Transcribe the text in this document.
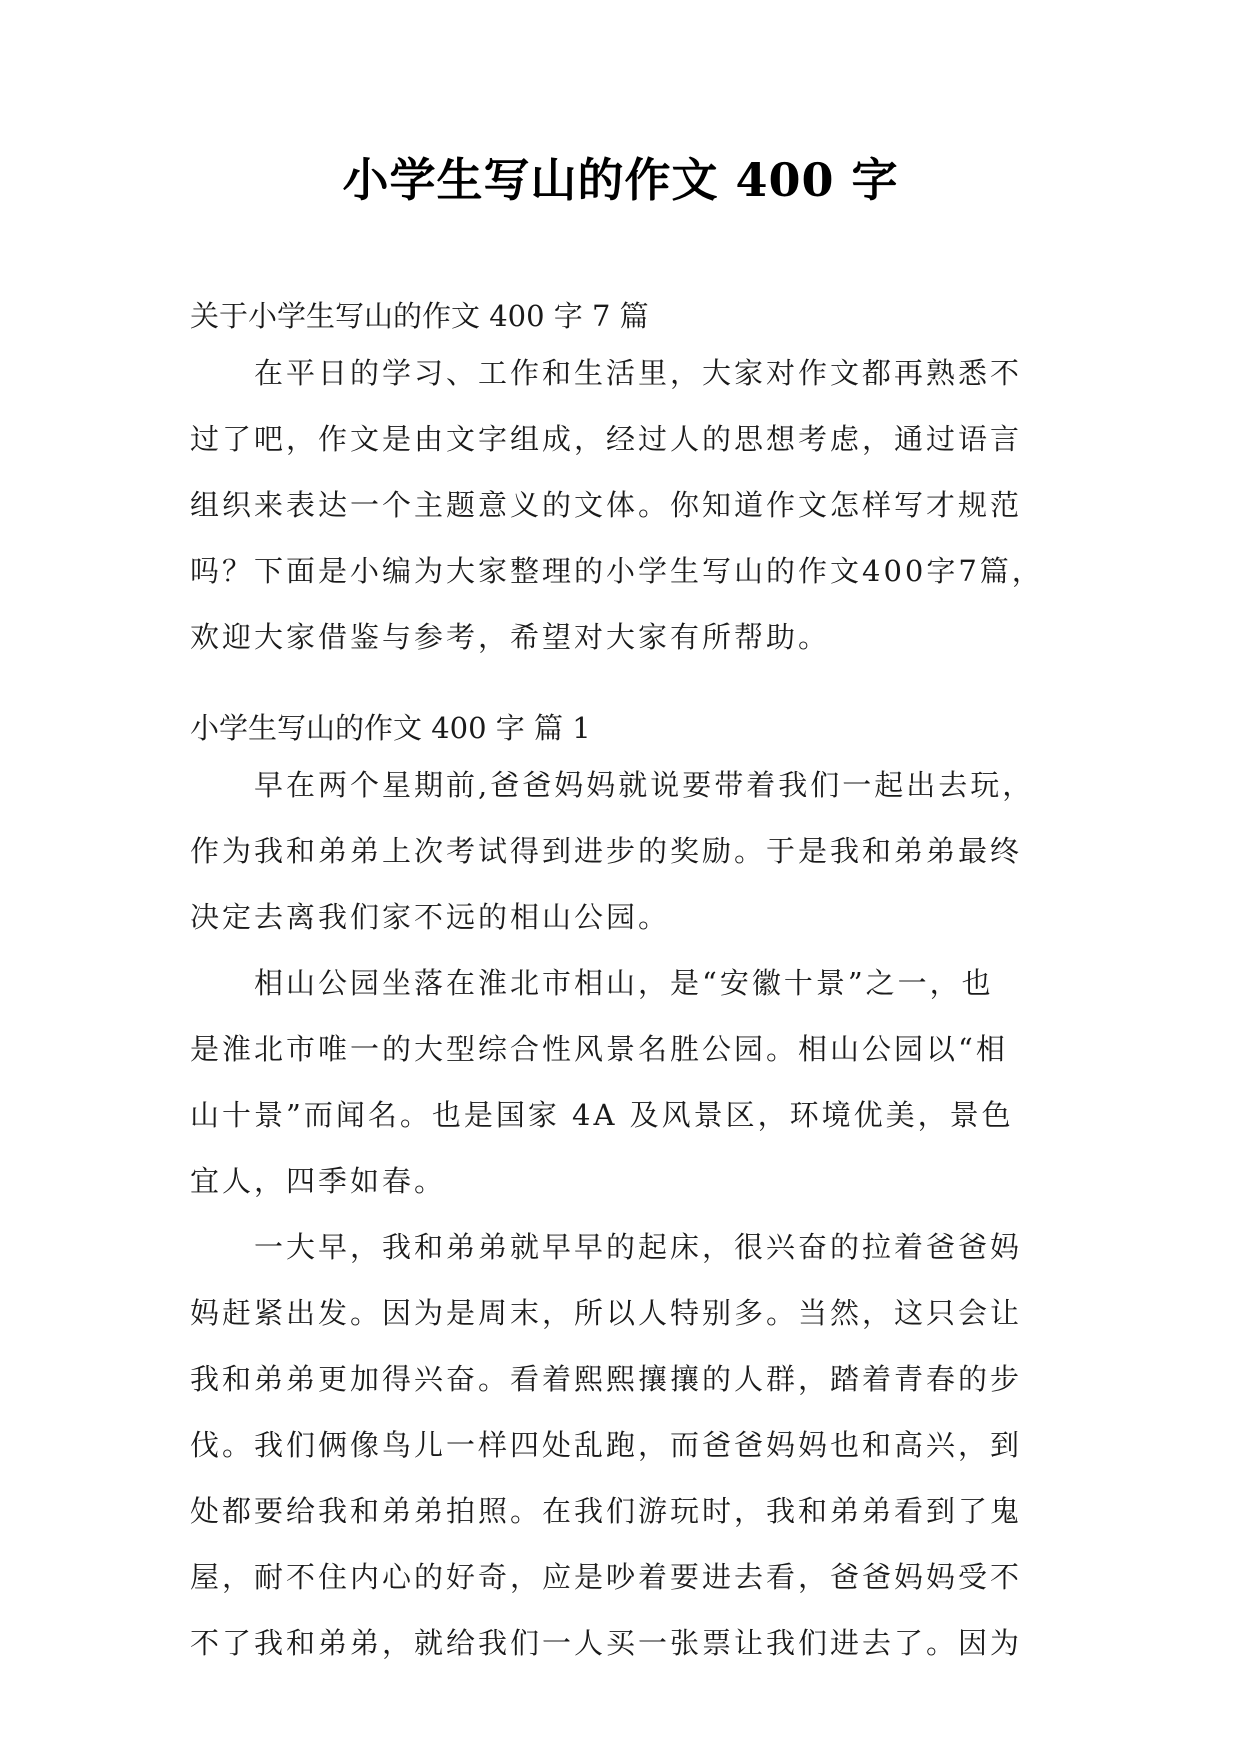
小学生写山的作文 400 字
关于小学生写山的作文 400 字 7 篇
　　在平日的学习、工作和生活里，大家对作文都再熟悉不
过了吧，作文是由文字组成，经过人的思想考虑，通过语言
组织来表达一个主题意义的文体。你知道作文怎样写才规范
吗？下面是小编为大家整理的小学生写山的作文400字7篇，
欢迎大家借鉴与参考，希望对大家有所帮助。
小学生写山的作文 400 字 篇 1
　　早在两个星期前,爸爸妈妈就说要带着我们一起出去玩，
作为我和弟弟上次考试得到进步的奖励。于是我和弟弟最终
决定去离我们家不远的相山公园。
　　相山公园坐落在淮北市相山，是“安徽十景”之一，也
是淮北市唯一的大型综合性风景名胜公园。相山公园以“相
山十景”而闻名。也是国家 4A 及风景区，环境优美，景色
宜人，四季如春。
　　一大早，我和弟弟就早早的起床，很兴奋的拉着爸爸妈
妈赶紧出发。因为是周末，所以人特别多。当然，这只会让
我和弟弟更加得兴奋。看着熙熙攘攘的人群，踏着青春的步
伐。我们俩像鸟儿一样四处乱跑，而爸爸妈妈也和高兴，到
处都要给我和弟弟拍照。在我们游玩时，我和弟弟看到了鬼
屋，耐不住内心的好奇，应是吵着要进去看，爸爸妈妈受不
不了我和弟弟，就给我们一人买一张票让我们进去了。因为
